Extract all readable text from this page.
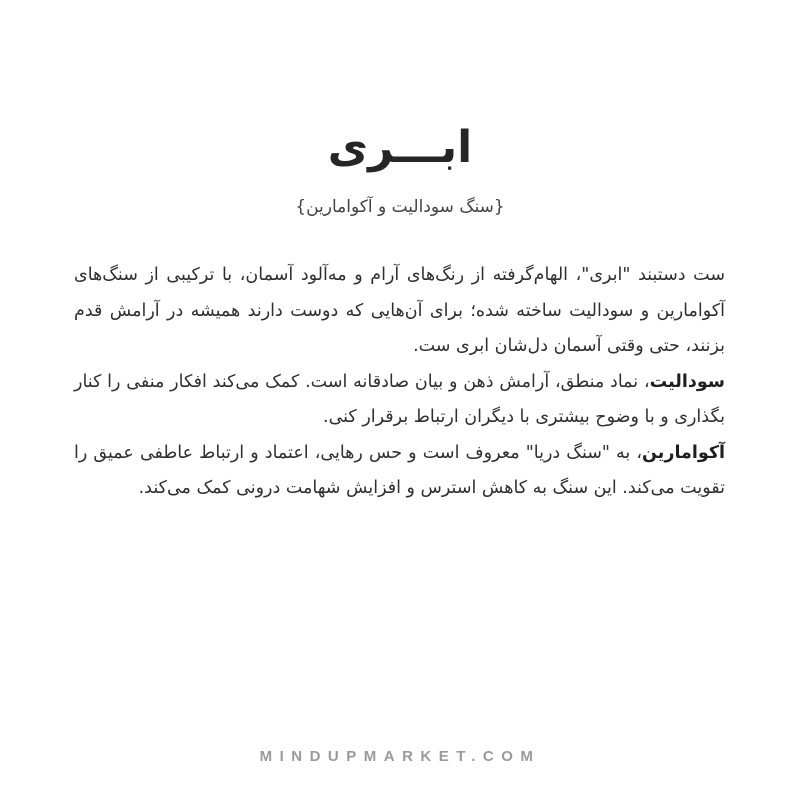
ابـــری
{سنگ سودالیت و آکوامارین}

ست دستبند "ابری"، الهام‌گرفته از رنگ‌های آرام و مه‌آلود آسمان، با ترکیبی از سنگ‌های آکوامارین و سودالیت ساخته شده؛ برای آن‌هایی که دوست دارند همیشه در آرامش قدم بزنند، حتی وقتی آسمان دل‌شان ابری ست.

سودالیت، نماد منطق، آرامش ذهن و بیان صادقانه است. کمک می‌کند افکار منفی را کنار بگذاری و با وضوح بیشتری با دیگران ارتباط برقرار کنی.

آکوامارین، به "سنگ دریا" معروف است و حس رهایی، اعتماد و ارتباط عاطفی عمیق را تقویت می‌کند. این سنگ به کاهش استرس و افزایش شهامت درونی کمک می‌کند.

MINDUPMARKET.COM
